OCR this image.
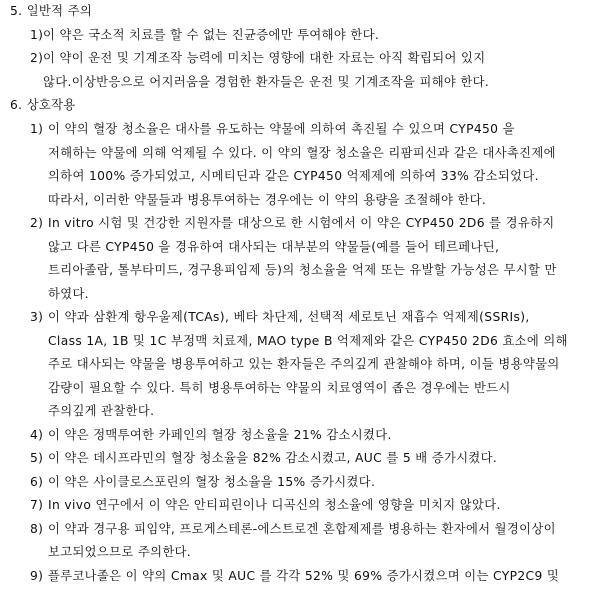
5. 일반적 주의
1) 이 약은 국소적 치료를 할 수 없는 진균증에만 투여해야 한다.
2) 이 약이 운전 및 기계조작 능력에 미치는 영향에 대한 자료는 아직 확립되어 있지
않다.이상반응으로 어지러움을 경험한 환자들은 운전 및 기계조작을 피해야 한다.
6. 상호작용
1) 이 약의 혈장 청소율은 대사를 유도하는 약물에 의하여 촉진될 수 있으며 CYP450 을
저해하는 약물에 의해 억제될 수 있다. 이 약의 혈장 청소율은 리팜피신과 같은 대사촉진제에
의하여 100% 증가되었고, 시메티딘과 같은 CYP450 억제제에 의하여 33% 감소되었다.
따라서, 이러한 약물들과 병용투여하는 경우에는 이 약의 용량을 조절해야 한다.
2) In vitro 시험 및 건강한 지원자를 대상으로 한 시험에서 이 약은 CYP450 2D6 를 경유하지
않고 다른 CYP450 을 경유하여 대사되는 대부분의 약물들(예를 들어 테르페나딘,
트리아졸람, 톨부타미드, 경구용피임제 등)의 청소율을 억제 또는 유발할 가능성은 무시할 만
하였다.
3) 이 약과 삼환계 항우울제(TCAs), 베타 차단제, 선택적 세로토닌 재흡수 억제제(SSRIs),
Class 1A, 1B 및 1C 부정맥 치료제, MAO type B 억제제와 같은 CYP450 2D6 효소에 의해
주로 대사되는 약물을 병용투여하고 있는 환자들은 주의깊게 관찰해야 하며, 이들 병용약물의
감량이 필요할 수 있다. 특히 병용투여하는 약물의 치료영역이 좁은 경우에는 반드시
주의깊게 관찰한다.
4) 이 약은 정맥투여한 카페인의 혈장 청소율을 21% 감소시켰다.
5) 이 약은 데시프라민의 혈장 청소율을 82% 감소시켰고, AUC 를 5 배 증가시켰다.
6) 이 약은 사이클로스포린의 혈장 청소율을 15% 증가시켰다.
7) In vivo 연구에서 이 약은 안티피린이나 디곡신의 청소율에 영향을 미치지 않았다.
8) 이 약과 경구용 피임약, 프로게스테론-에스트로겐 혼합제제를 병용하는 환자에서 월경이상이
보고되었으므로 주의한다.
9) 플루코나졸은 이 약의 Cmax 및 AUC 를 각각 52% 및 69% 증가시켰으며 이는 CYP2C9 및
